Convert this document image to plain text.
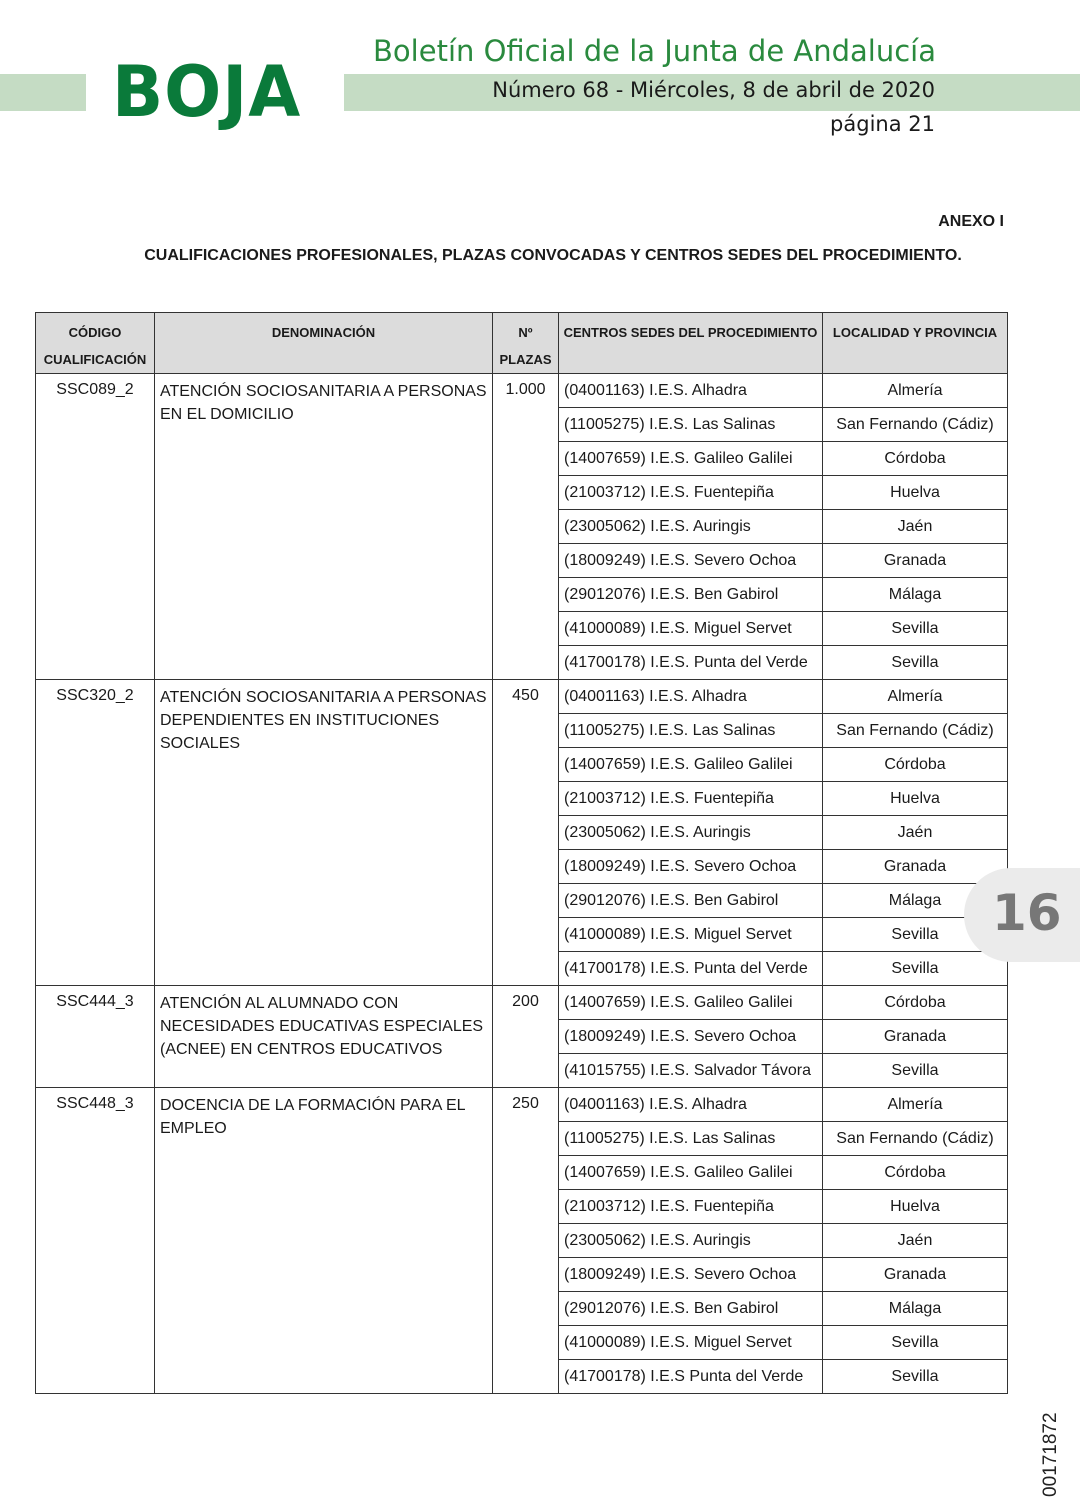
BOJA	Boletín Oficial de la Junta de Andalucía
Número 68 - Miércoles, 8 de abril de 2020
página 21
ANEXO I
CUALIFICACIONES PROFESIONALES, PLAZAS CONVOCADAS Y CENTROS SEDES DEL PROCEDIMIENTO.
CÓDIGO CUALIFICACIÓN	DENOMINACIÓN	Nº PLAZAS	CENTROS SEDES DEL PROCEDIMIENTO	LOCALIDAD Y PROVINCIA
SSC089_2	ATENCIÓN SOCIOSANITARIA A PERSONAS EN EL DOMICILIO	1.000	(04001163) I.E.S. Alhadra	Almería
			(11005275) I.E.S. Las Salinas	San Fernando (Cádiz)
			(14007659) I.E.S. Galileo Galilei	Córdoba
			(21003712) I.E.S. Fuentepiña	Huelva
			(23005062) I.E.S. Auringis	Jaén
			(18009249) I.E.S. Severo Ochoa	Granada
			(29012076) I.E.S. Ben Gabirol	Málaga
			(41000089) I.E.S. Miguel Servet	Sevilla
			(41700178) I.E.S. Punta del Verde	Sevilla
SSC320_2	ATENCIÓN SOCIOSANITARIA A PERSONAS DEPENDIENTES EN INSTITUCIONES SOCIALES	450	(04001163) I.E.S. Alhadra	Almería
			(11005275) I.E.S. Las Salinas	San Fernando (Cádiz)
			(14007659) I.E.S. Galileo Galilei	Córdoba
			(21003712) I.E.S. Fuentepiña	Huelva
			(23005062) I.E.S. Auringis	Jaén
			(18009249) I.E.S. Severo Ochoa	Granada
			(29012076) I.E.S. Ben Gabirol	Málaga
			(41000089) I.E.S. Miguel Servet	Sevilla
			(41700178) I.E.S. Punta del Verde	Sevilla
SSC444_3	ATENCIÓN AL ALUMNADO CON NECESIDADES EDUCATIVAS ESPECIALES (ACNEE) EN CENTROS EDUCATIVOS	200	(14007659) I.E.S. Galileo Galilei	Córdoba
			(18009249) I.E.S. Severo Ochoa	Granada
			(41015755) I.E.S. Salvador Távora	Sevilla
SSC448_3	DOCENCIA DE LA FORMACIÓN PARA EL EMPLEO	250	(04001163) I.E.S. Alhadra	Almería
			(11005275) I.E.S. Las Salinas	San Fernando (Cádiz)
			(14007659) I.E.S. Galileo Galilei	Córdoba
			(21003712) I.E.S. Fuentepiña	Huelva
			(23005062) I.E.S. Auringis	Jaén
			(18009249) I.E.S. Severo Ochoa	Granada
			(29012076) I.E.S. Ben Gabirol	Málaga
			(41000089) I.E.S. Miguel Servet	Sevilla
			(41700178) I.E.S Punta del Verde	Sevilla
16
00171872
